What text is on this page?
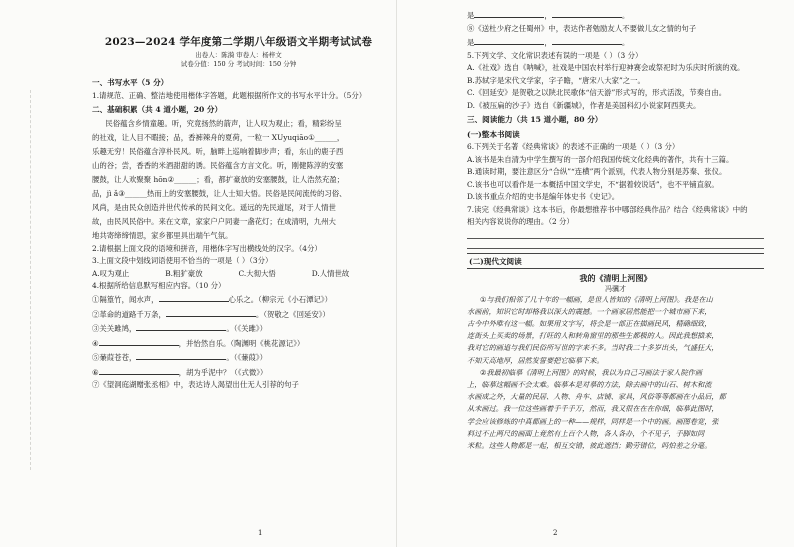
2023—2024 学年度第二学期八年级语文半期考试试卷
出卷人：陈漪 审卷人：杨梓文
试卷分值：150 分 考试时间：150 分钟
一、书写水平（5 分）
1.请规范、正确、整洁地使用楷体字答题，此题根据所作文的书写水平计分。（5分）
二、基础积累（共 4 道小题，20 分）
民俗蕴含乡情童趣。听，究竟扬然的箭声，让人叹为观止；看，精彩纷呈
的社戏，让人目不暇接；品，香裤辣舟的夏荷，一粒一 XUyuqiāo①______，
乐趣无穷！民俗蕴含淳朴民风。听，脑畔上巡响着脚步声；看，东山的鹿子西
山的谷；尝，香香的米酒甜甜的诱。民俗蕴含方言文化。听，刚健陈淳的安塞
腰鼓，让人欢聚聚 hōn②______；看，都扩豪放的安塞腰鼓，让人浩然充盈；
品，jì ǎ③______热而上的安塞腰鼓，让人士知大悟。民俗是民间流传的习俗、
风尚，是由民众创造并世代传承的民间文化。遥远的先民道尾，对于人情世
故，由民风民俗中。来在文章，家家户户同妻一盏花灯；在成清明，九州大
地共寄缔缔情思，家乡都里具出端午气氛。
2.请根据上面文段的语境和拼音，用楷体字写出横线处的汉字。（4分）
3.上面文段中划线词语使用不恰当的一项是（ ）（3分）
A.叹为观止	B.粗犷豪放	C.大彻大悟	D.人情世故
4.根据所给信息默写相应内容。（10 分）
①隔篁竹，闻水声，	心乐之。（柳宗元《小石潭记》）
②革命的道路千万条，	。（贺敬之《回延安》）
③关关雎鸠，	。（《关雎》）
④	，并怡然自乐。（陶渊明《桃花源记》）
⑤蒹葭苍苍，	。（《蒹葭》）
⑥	，胡为乎泥中？（《式微》）
⑦《望洞庭湖赠张丞相》中，表达诗人渴望出仕无人引荐的句子
1
是	，	。
⑧《送杜少府之任蜀州》中，表达作者勉励友人不要做儿女之情的句子
是	，	。
5.下列文学、文化常识表述有误的一项是（ ）（3 分）
A.《社戏》选自《呐喊》，社戏是中国农村举行迎神赛会或祭祀时为乐庆时所演的戏。
B.苏轼字是宋代文学家，字子瞻，“唐宋八大家”之一。
C.《回延安》是贺敬之以陕北民歌体“信天游”形式写的，形式活泼，节奏自由。
D.《被压扁的沙子》选自《新疆城》，作者是美国科幻小说家阿西莫夫。
三、阅读能力（共 15 道小题，80 分）
(一)整本书阅读
6.下列关于名著《经典常谈》的表述不正确的一项是（ ）（3 分）
A.该书是朱自清为中学生撰写的一部介绍我国传统文化经典的著作，共有十三篇。
B.通读时期，要注意区分“合纵”“连横”两个派别，代表人物分别是苏秦、张仪。
C.该书也可以看作是一本概括中国文学史，不“据着较说话”，也不平铺直叙。
D.该书重点介绍的史书是编年体史书《史记》。
7.读完《经典常谈》这本书后，你最想推荐书中哪部经典作品？结合《经典常谈》中的
相关内容说说你的理由。（2 分）
(二)现代文阅读
我的《清明上河图》
冯骥才
①与我们相邻了几十年的一幅画，是世人皆知的《清明上河图》。我是在山
水画前，知识它时却格我以深大的震撼。一个画家居然能把一个城市画下来，
古今中外唯有这一幅。如果用文字写，将会是一部正在描画民风，精确细致，
连街头上买卖的场景，打旺的人和转角窗里的那些生都极的人。因此我想描来，
我对它的画追与我们民俗所写世的字来不多。当时我二十多岁出头，气盛狂大，
不知天高地厚，居然发誓要把它临摹下来。
②我最初临摹《清明上河图》的时候，我以为自己习画法于家人院作画
上，临摹这幅画不会太难。临摹本是对摹的方法，除去画中的山石、树木和流
水画成之外，大量的民居、人物、舟车、店铺、家具，风俗等等都画在小品后，都
从未画过。我一位这些画着手千手万，然而，我又很在在在你细，临摹此图时，
学会应该修炼的中真都画上的一种——规样，同样是一个中的画。画图卷宽，张
料过不止两尺的画面上竟然有上百个人物，各人各办，个不见子，手脚如同
米粒。这些人物都是一起，相互交错，彼此遮挡；勤劳错位，吗怕差之分毫。
2
